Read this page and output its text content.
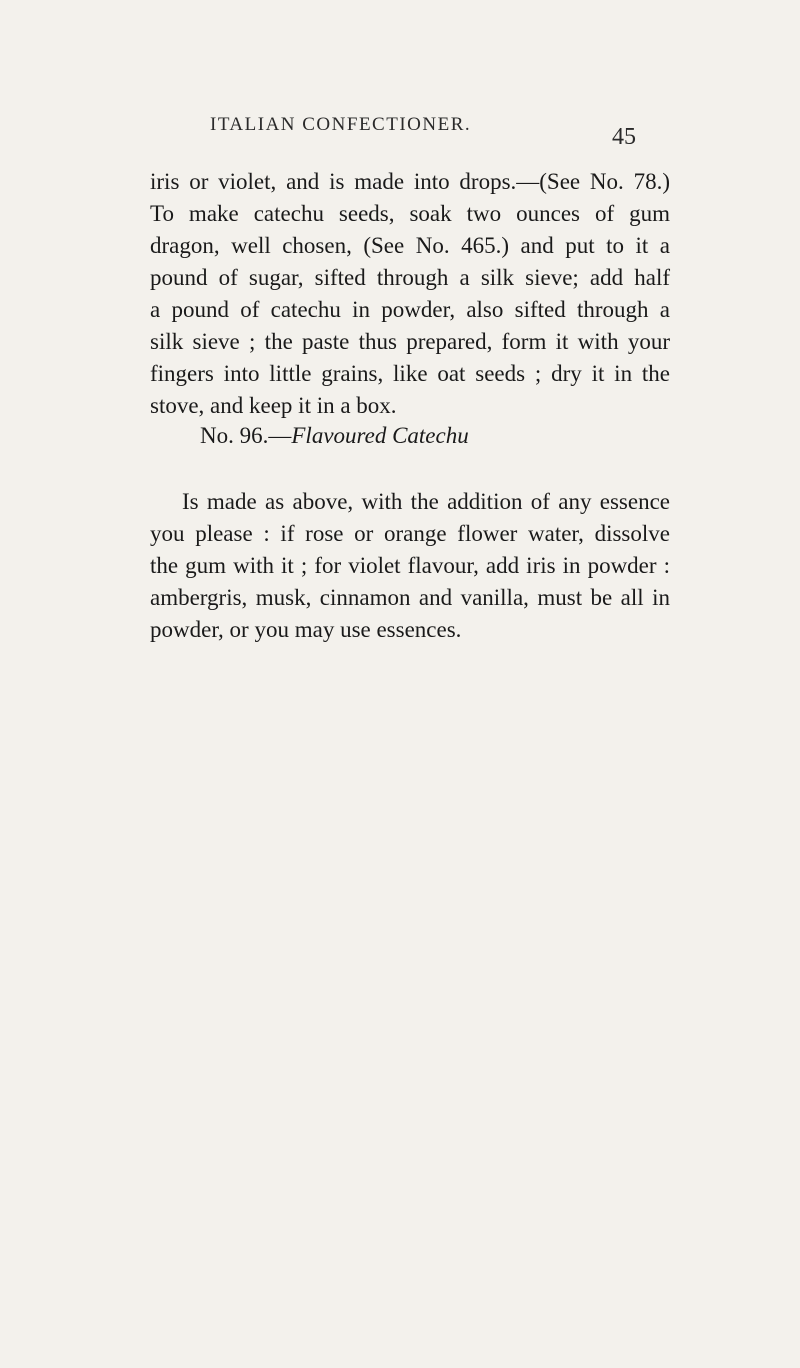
ITALIAN CONFECTIONER.	45
iris or violet, and is made into drops.—(See No. 78.)
To make catechu seeds, soak two ounces of gum
dragon, well chosen, (See No. 465.) and put to it a
pound of sugar, sifted through a silk sieve; add half
a pound of catechu in powder, also sifted through a
silk sieve ; the paste thus prepared, form it with your
fingers into little grains, like oat seeds ; dry it in the
stove, and keep it in a box.
No. 96.—Flavoured Catechu
Is made as above, with the addition of any essence
you please : if rose or orange flower water, dissolve
the gum with it ; for violet flavour, add iris in powder :
ambergris, musk, cinnamon and vanilla, must be all in
powder, or you may use essences.
